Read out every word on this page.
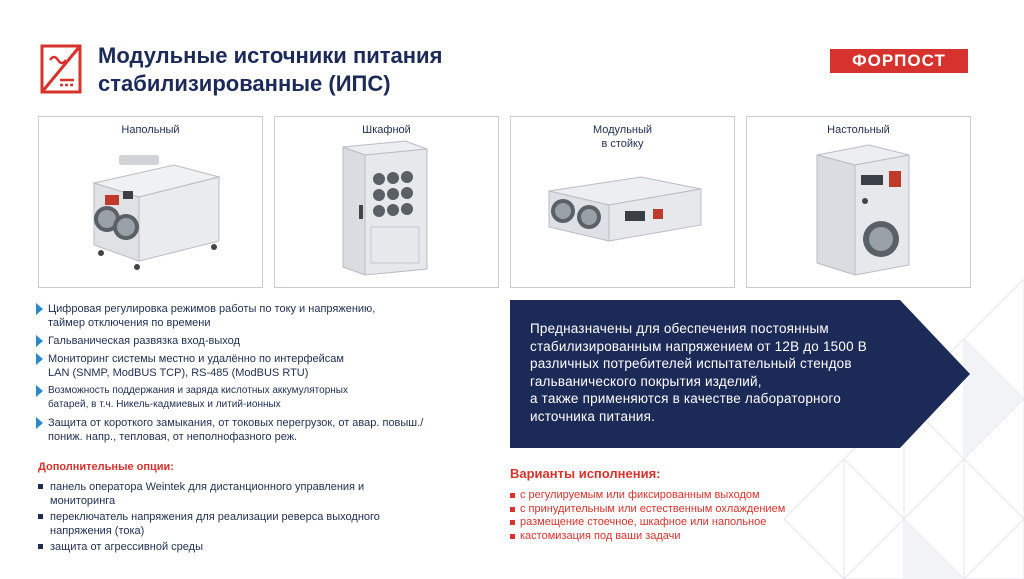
Модульные источники питания
стабилизированные (ИПС)
ФОРПОСТ
Напольный	Шкафной	Модульный
в стойку
Настольный
Цифровая регулировка режимов работы по току и напряжению,
таймер отключения по времени
Гальваническая развязка вход-выход
Мониторинг системы местно и удалённо по интерфейсам
LAN (SNMP, ModBUS TCP), RS-485 (ModBUS RTU)
Возможность поддержания и заряда кислотных аккумуляторных
батарей, в т.ч. Никель-кадмиевых и литий-ионных
Защита от короткого замыкания, от токовых перегрузок, от авар. повыш./
пониж. напр., тепловая, от неполнофазного реж.
Дополнительные опции:
панель оператора Weintek для дистанционного управления и
мониторинга
переключатель напряжения для реализации реверса выходного
напряжения (тока)
защита от агрессивной среды
Предназначены для обеспечения постоянным
стабилизированным напряжением от 12В до 1500 В
различных потребителей испытательный стендов
гальванического покрытия изделий,
а также применяются в качестве лабораторного
источника питания.
Варианты исполнения:
с регулируемым или фиксированным выходом
с принудительным или естественным охлаждением
размещение стоечное, шкафное или напольное
кастомизация под ваши задачи
